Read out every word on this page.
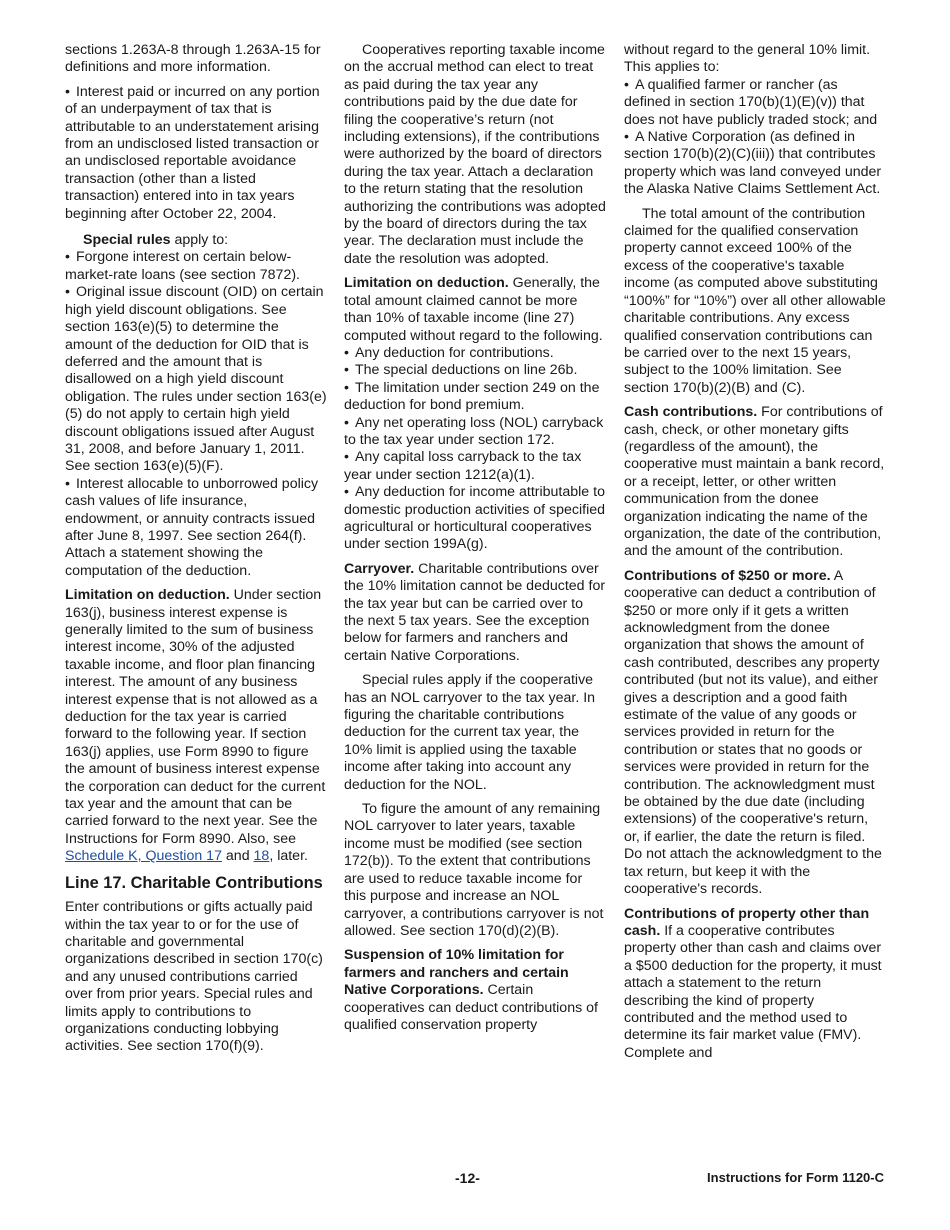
sections 1.263A-8 through 1.263A-15 for definitions and more information.

• Interest paid or incurred on any portion of an underpayment of tax that is attributable to an understatement arising from an undisclosed listed transaction or an undisclosed reportable avoidance transaction (other than a listed transaction) entered into in tax years beginning after October 22, 2004.

Special rules apply to:

• Forgone interest on certain below-market-rate loans (see section 7872).

• Original issue discount (OID) on certain high yield discount obligations. See section 163(e)(5) to determine the amount of the deduction for OID that is deferred and the amount that is disallowed on a high yield discount obligation. The rules under section 163(e)(5) do not apply to certain high yield discount obligations issued after August 31, 2008, and before January 1, 2011. See section 163(e)(5)(F).

• Interest allocable to unborrowed policy cash values of life insurance, endowment, or annuity contracts issued after June 8, 1997. See section 264(f). Attach a statement showing the computation of the deduction.

Limitation on deduction. Under section 163(j), business interest expense is generally limited to the sum of business interest income, 30% of the adjusted taxable income, and floor plan financing interest. The amount of any business interest expense that is not allowed as a deduction for the tax year is carried forward to the following year. If section 163(j) applies, use Form 8990 to figure the amount of business interest expense the corporation can deduct for the current tax year and the amount that can be carried forward to the next year. See the Instructions for Form 8990. Also, see Schedule K, Question 17 and 18, later.

Line 17. Charitable Contributions

Enter contributions or gifts actually paid within the tax year to or for the use of charitable and governmental organizations described in section 170(c) and any unused contributions carried over from prior years. Special rules and limits apply to contributions to organizations conducting lobbying activities. See section 170(f)(9).

Cooperatives reporting taxable income on the accrual method can elect to treat as paid during the tax year any contributions paid by the due date for filing the cooperative’s return (not including extensions), if the contributions were authorized by the board of directors during the tax year. Attach a declaration to the return stating that the resolution authorizing the contributions was adopted by the board of directors during the tax year. The declaration must include the date the resolution was adopted.

Limitation on deduction. Generally, the total amount claimed cannot be more than 10% of taxable income (line 27) computed without regard to the following.

• Any deduction for contributions.

• The special deductions on line 26b.

• The limitation under section 249 on the deduction for bond premium.

• Any net operating loss (NOL) carryback to the tax year under section 172.

• Any capital loss carryback to the tax year under section 1212(a)(1).

• Any deduction for income attributable to domestic production activities of specified agricultural or horticultural cooperatives under section 199A(g).

Carryover. Charitable contributions over the 10% limitation cannot be deducted for the tax year but can be carried over to the next 5 tax years. See the exception below for farmers and ranchers and certain Native Corporations.

Special rules apply if the cooperative has an NOL carryover to the tax year. In figuring the charitable contributions deduction for the current tax year, the 10% limit is applied using the taxable income after taking into account any deduction for the NOL.

To figure the amount of any remaining NOL carryover to later years, taxable income must be modified (see section 172(b)). To the extent that contributions are used to reduce taxable income for this purpose and increase an NOL carryover, a contributions carryover is not allowed. See section 170(d)(2)(B).

Suspension of 10% limitation for farmers and ranchers and certain Native Corporations. Certain cooperatives can deduct contributions of qualified conservation property

without regard to the general 10% limit. This applies to:

• A qualified farmer or rancher (as defined in section 170(b)(1)(E)(v)) that does not have publicly traded stock; and

• A Native Corporation (as defined in section 170(b)(2)(C)(iii)) that contributes property which was land conveyed under the Alaska Native Claims Settlement Act.

The total amount of the contribution claimed for the qualified conservation property cannot exceed 100% of the excess of the cooperative's taxable income (as computed above substituting “100%” for “10%”) over all other allowable charitable contributions. Any excess qualified conservation contributions can be carried over to the next 15 years, subject to the 100% limitation. See section 170(b)(2)(B) and (C).

Cash contributions. For contributions of cash, check, or other monetary gifts (regardless of the amount), the cooperative must maintain a bank record, or a receipt, letter, or other written communication from the donee organization indicating the name of the organization, the date of the contribution, and the amount of the contribution.

Contributions of $250 or more. A cooperative can deduct a contribution of $250 or more only if it gets a written acknowledgment from the donee organization that shows the amount of cash contributed, describes any property contributed (but not its value), and either gives a description and a good faith estimate of the value of any goods or services provided in return for the contribution or states that no goods or services were provided in return for the contribution. The acknowledgment must be obtained by the due date (including extensions) of the cooperative's return, or, if earlier, the date the return is filed. Do not attach the acknowledgment to the tax return, but keep it with the cooperative's records.

Contributions of property other than cash. If a cooperative contributes property other than cash and claims over a $500 deduction for the property, it must attach a statement to the return describing the kind of property contributed and the method used to determine its fair market value (FMV). Complete and

-12-	Instructions for Form 1120-C
